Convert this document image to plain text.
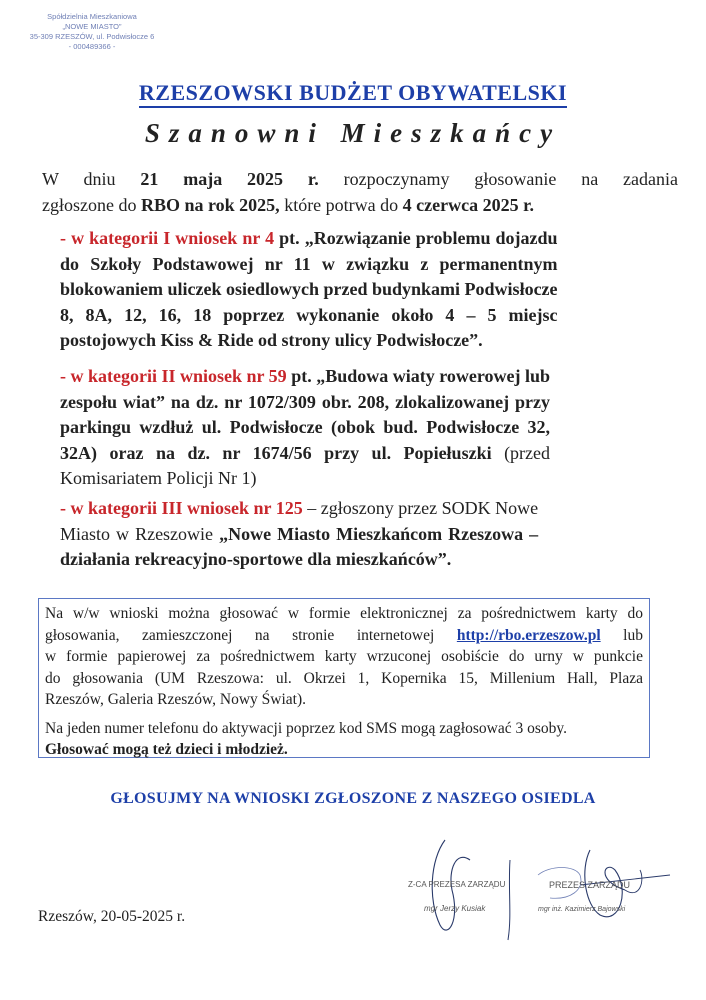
Spółdzielnia Mieszkaniowa
„NOWE MIASTO”
35-309 RZESZÓW, ul. Podwisłocze 6
- 000489366 -
RZESZOWSKI BUDŻET OBYWATELSKI
Szanowni Mieszkańcy
W dniu 21 maja 2025 r. rozpoczynamy głosowanie na zadania
zgłoszone do RBO na rok 2025, które potrwa do 4 czerwca 2025 r.
- w kategorii I wniosek nr 4 pt. „Rozwiązanie problemu dojazdu
do Szkoły Podstawowej nr 11 w związku z permanentnym
blokowaniem uliczek osiedlowych przed budynkami Podwisłocze
8, 8A, 12, 16, 18 poprzez wykonanie około 4 – 5 miejsc
postojowych Kiss & Ride od strony ulicy Podwisłocze”.
- w kategorii II wniosek nr 59 pt. „Budowa wiaty rowerowej lub
zespołu wiat” na dz. nr 1072/309 obr. 208, zlokalizowanej przy
parkingu wzdłuż ul. Podwisłocze (obok bud. Podwisłocze 32,
32A) oraz na dz. nr 1674/56 przy ul. Popiełuszki (przed
Komisariatem Policji Nr 1)
- w kategorii III wniosek nr 125 – zgłoszony przez SODK Nowe
Miasto w Rzeszowie „Nowe Miasto Mieszkańcom Rzeszowa –
działania rekreacyjno-sportowe dla mieszkańców”.

Na w/w wnioski można głosować w formie elektronicznej za pośrednictwem karty do
głosowania, zamieszczonej na stronie internetowej http://rbo.erzeszow.pl lub
w formie papierowej za pośrednictwem karty wrzuconej osobiście do urny w punkcie
do głosowania (UM Rzeszowa: ul. Okrzei 1, Kopernika 15, Millenium Hall, Plaza
Rzeszów, Galeria Rzeszów, Nowy Świat).

Na jeden numer telefonu do aktywacji poprzez kod SMS mogą zagłosować 3 osoby.
Głosować mogą też dzieci i młodzież.

GŁOSUJMY NA WNIOSKI ZGŁOSZONE Z NASZEGO OSIEDLA
Z-CA PREZESA ZARZĄDU
mgr Jerzy Kusiak
PREZES ZARZĄDU
mgr inż. Kazimierz Bajowski
Rzeszów, 20-05-2025 r.
